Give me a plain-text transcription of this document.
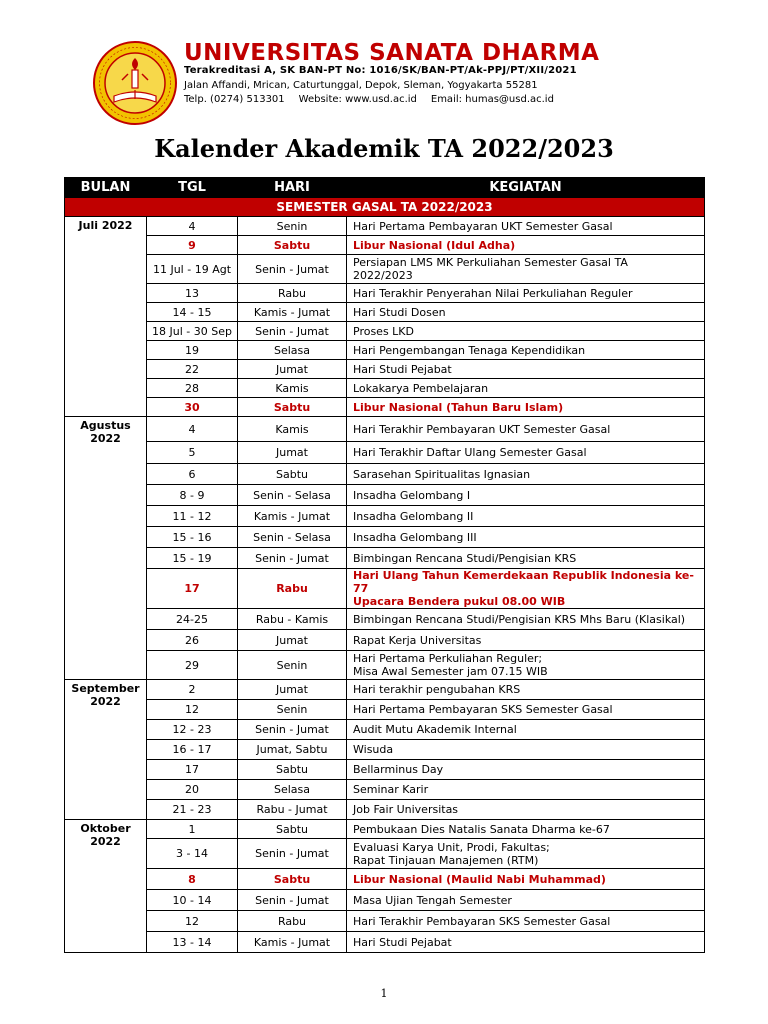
UNIVERSITAS SANATA DHARMA
Terakreditasi A, SK BAN-PT No: 1016/SK/BAN-PT/Ak-PPJ/PT/XII/2021
Jalan Affandi, Mrican, Caturtunggal, Depok, Sleman, Yogyakarta 55281
Telp. (0274) 513301 Website: www.usd.ac.id Email: humas@usd.ac.id
Kalender Akademik TA 2022/2023
BULAN	TGL	HARI	KEGIATAN
SEMESTER GASAL TA 2022/2023			

Juli 2022	4	Senin	Hari Pertama Pembayaran UKT Semester Gasal

	9	Sabtu	Libur Nasional (Idul Adha)

	11 Jul - 19 Agt	Senin - Jumat	Persiapan LMS MK Perkuliahan Semester Gasal TA
2022/2023

	13	Rabu	Hari Terakhir Penyerahan Nilai Perkuliahan Reguler

	14 - 15	Kamis - Jumat	Hari Studi Dosen

	18 Jul - 30 Sep	Senin - Jumat	Proses LKD

	19	Selasa	Hari Pengembangan Tenaga Kependidikan

	22	Jumat	Hari Studi Pejabat

	28	Kamis	Lokakarya Pembelajaran

	30	Sabtu	Libur Nasional (Tahun Baru Islam)

Agustus
2022	4	Kamis	Hari Terakhir Pembayaran UKT Semester Gasal

	5	Jumat	Hari Terakhir Daftar Ulang Semester Gasal

	6	Sabtu	Sarasehan Spiritualitas Ignasian

	8 - 9	Senin - Selasa	Insadha Gelombang I

	11 - 12	Kamis - Jumat	Insadha Gelombang II

	15 - 16	Senin - Selasa	Insadha Gelombang III

	15 - 19	Senin - Jumat	Bimbingan Rencana Studi/Pengisian KRS

	17	Rabu	Hari Ulang Tahun Kemerdekaan Republik Indonesia ke-77
Upacara Bendera pukul 08.00 WIB

	24-25	Rabu - Kamis	Bimbingan Rencana Studi/Pengisian KRS Mhs Baru (Klasikal)

	26	Jumat	Rapat Kerja Universitas

	29	Senin	Hari Pertama Perkuliahan Reguler;
Misa Awal Semester jam 07.15 WIB

September
2022	2	Jumat	Hari terakhir pengubahan KRS

	12	Senin	Hari Pertama Pembayaran SKS Semester Gasal

	12 - 23	Senin - Jumat	Audit Mutu Akademik Internal

	16 - 17	Jumat, Sabtu	Wisuda

	17	Sabtu	Bellarminus Day

	20	Selasa	Seminar Karir

	21 - 23	Rabu - Jumat	Job Fair Universitas

Oktober
2022	1	Sabtu	Pembukaan Dies Natalis Sanata Dharma ke-67

	3 - 14	Senin - Jumat	Evaluasi Karya Unit, Prodi, Fakultas;
Rapat Tinjauan Manajemen (RTM)

	8	Sabtu	Libur Nasional (Maulid Nabi Muhammad)

	10 - 14	Senin - Jumat	Masa Ujian Tengah Semester

	12	Rabu	Hari Terakhir Pembayaran SKS Semester Gasal

	13 - 14	Kamis - Jumat	Hari Studi Pejabat
1
